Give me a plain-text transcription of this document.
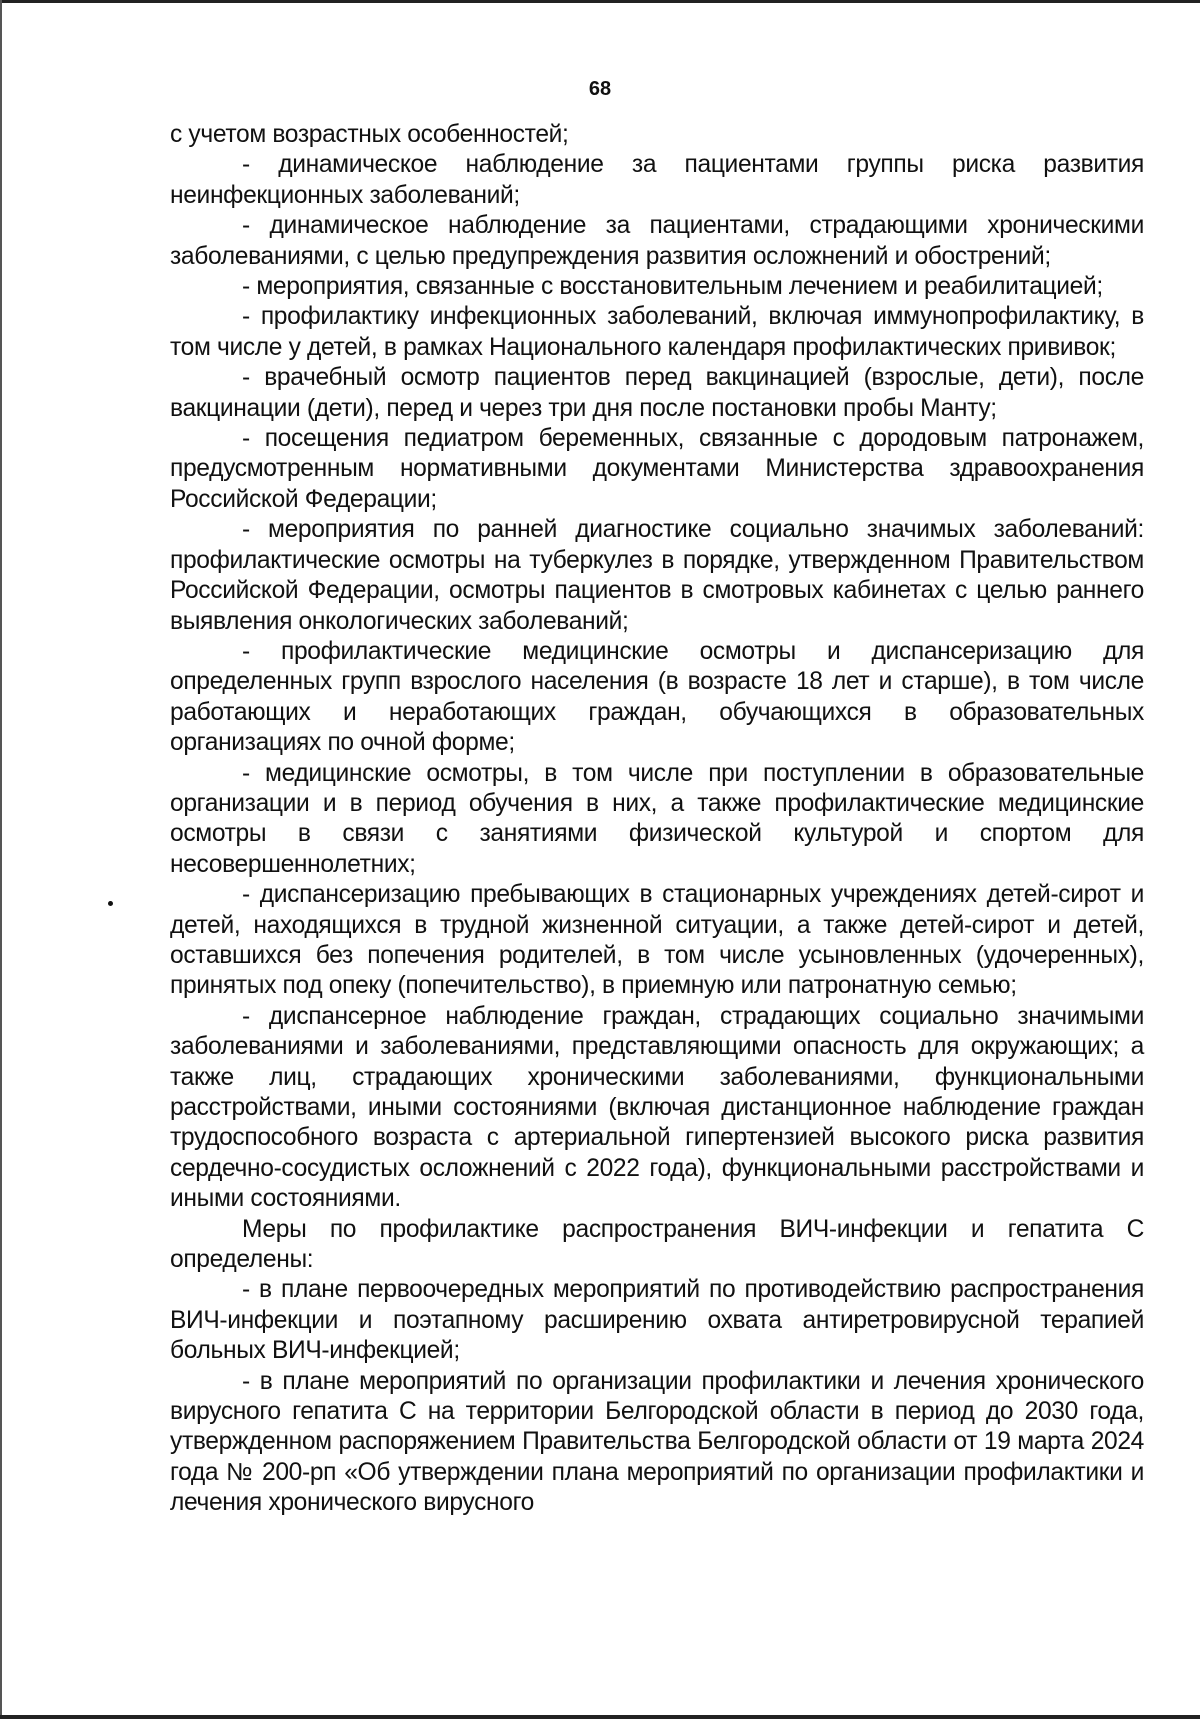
68

с учетом возрастных особенностей;

- динамическое наблюдение за пациентами группы риска развития неинфекционных заболеваний;

- динамическое наблюдение за пациентами, страдающими хроническими заболеваниями, с целью предупреждения развития осложнений и обострений;

- мероприятия, связанные с восстановительным лечением и реабилитацией;

- профилактику инфекционных заболеваний, включая иммунопрофилактику, в том числе у детей, в рамках Национального календаря профилактических прививок;

- врачебный осмотр пациентов перед вакцинацией (взрослые, дети), после вакцинации (дети), перед и через три дня после постановки пробы Манту;

- посещения педиатром беременных, связанные с дородовым патронажем, предусмотренным нормативными документами Министерства здравоохранения Российской Федерации;

- мероприятия по ранней диагностике социально значимых заболеваний: профилактические осмотры на туберкулез в порядке, утвержденном Правительством Российской Федерации, осмотры пациентов в смотровых кабинетах с целью раннего выявления онкологических заболеваний;

- профилактические медицинские осмотры и диспансеризацию для определенных групп взрослого населения (в возрасте 18 лет и старше), в том числе работающих и неработающих граждан, обучающихся в образовательных организациях по очной форме;

- медицинские осмотры, в том числе при поступлении в образовательные организации и в период обучения в них, а также профилактические медицинские осмотры в связи с занятиями физической культурой и спортом для несовершеннолетних;

- диспансеризацию пребывающих в стационарных учреждениях детей-сирот и детей, находящихся в трудной жизненной ситуации, а также детей-сирот и детей, оставшихся без попечения родителей, в том числе усыновленных (удочеренных), принятых под опеку (попечительство), в приемную или патронатную семью;

- диспансерное наблюдение граждан, страдающих социально значимыми заболеваниями и заболеваниями, представляющими опасность для окружающих; а также лиц, страдающих хроническими заболеваниями, функциональными расстройствами, иными состояниями (включая дистанционное наблюдение граждан трудоспособного возраста с артериальной гипертензией высокого риска развития сердечно-сосудистых осложнений с 2022 года), функциональными расстройствами и иными состояниями.

Меры по профилактике распространения ВИЧ-инфекции и гепатита С определены:

- в плане первоочередных мероприятий по противодействию распространения ВИЧ-инфекции и поэтапному расширению охвата антиретровирусной терапией больных ВИЧ-инфекцией;

- в плане мероприятий по организации профилактики и лечения хронического вирусного гепатита С на территории Белгородской области в период до 2030 года, утвержденном распоряжением Правительства Белгородской области от 19 марта 2024 года № 200-рп «Об утверждении плана мероприятий по организации профилактики и лечения хронического вирусного
